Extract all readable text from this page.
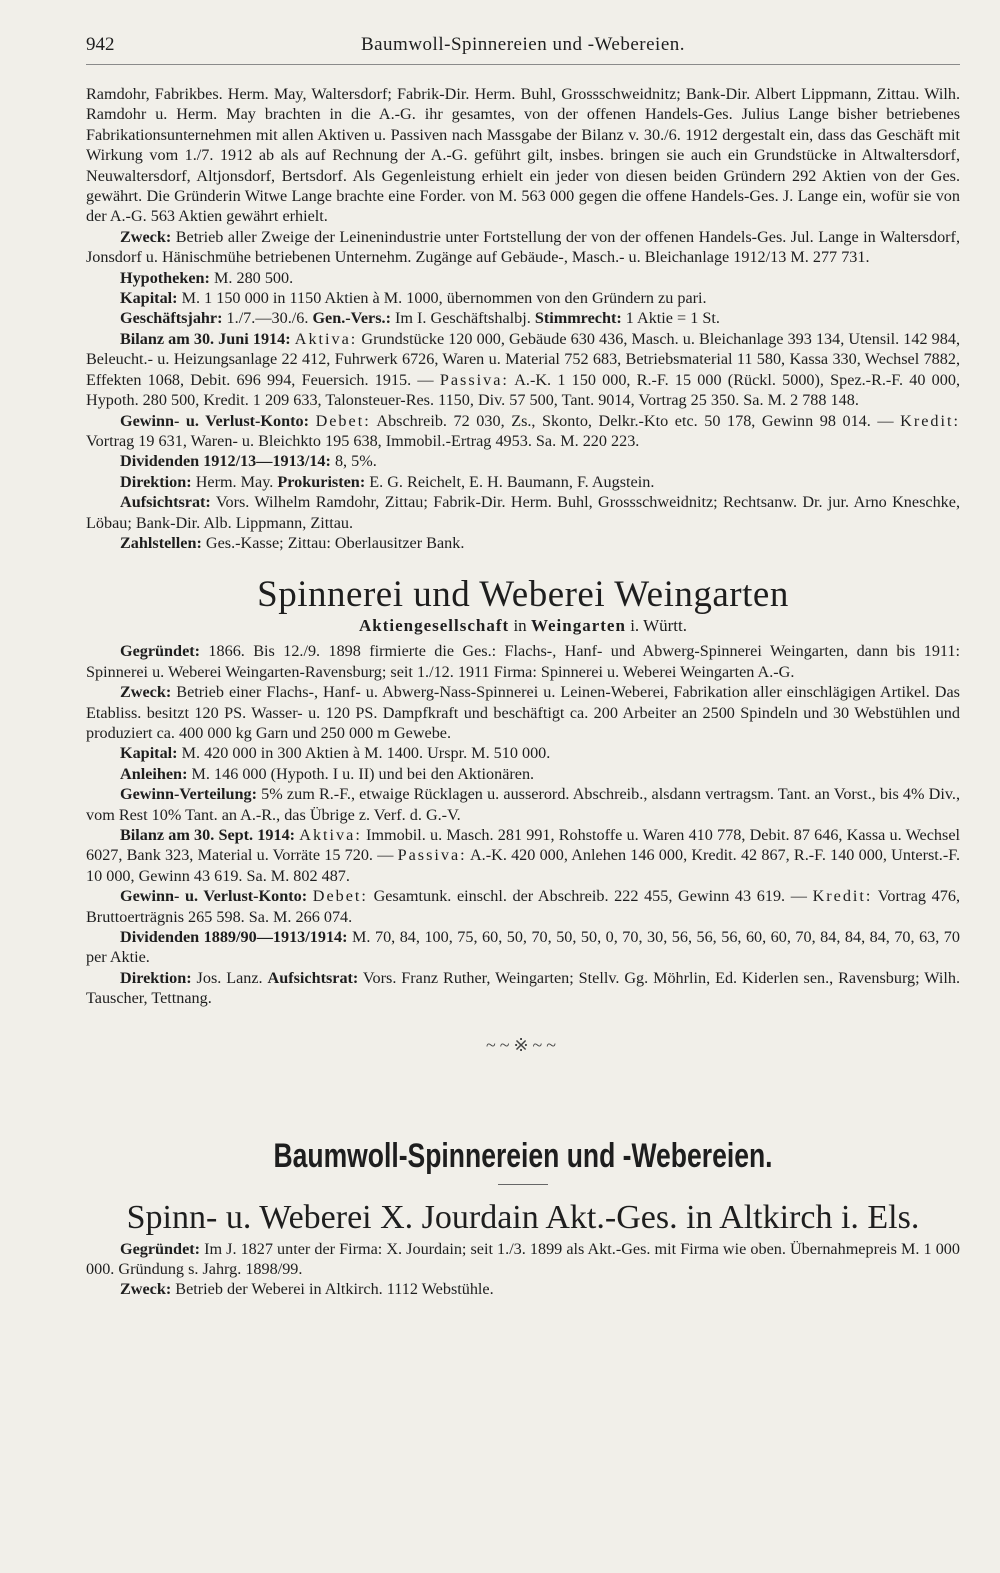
942	Baumwoll-Spinnereien und -Webereien.

Ramdohr, Fabrikbes. Herm. May, Waltersdorf; Fabrik-Dir. Herm. Buhl, Grossschweidnitz; Bank-Dir. Albert Lippmann, Zittau. Wilh. Ramdohr u. Herm. May brachten in die A.-G. ihr gesamtes, von der offenen Handels-Ges. Julius Lange bisher betriebenes Fabrikationsunternehmen mit allen Aktiven u. Passiven nach Massgabe der Bilanz v. 30./6. 1912 dergestalt ein, dass das Geschäft mit Wirkung vom 1./7. 1912 ab als auf Rechnung der A.-G. geführt gilt, insbes. bringen sie auch ein Grundstücke in Altwaltersdorf, Neuwaltersdorf, Altjonsdorf, Bertsdorf. Als Gegenleistung erhielt ein jeder von diesen beiden Gründern 292 Aktien von der Ges. gewährt. Die Gründerin Witwe Lange brachte eine Forder. von M. 563 000 gegen die offene Handels-Ges. J. Lange ein, wofür sie von der A.-G. 563 Aktien gewährt erhielt.

Zweck: Betrieb aller Zweige der Leinenindustrie unter Fortstellung der von der offenen Handels-Ges. Jul. Lange in Waltersdorf, Jonsdorf u. Hänischmühe betriebenen Unternehm. Zugänge auf Gebäude-, Masch.- u. Bleichanlage 1912/13 M. 277 731.

Hypotheken: M. 280 500.

Kapital: M. 1 150 000 in 1150 Aktien à M. 1000, übernommen von den Gründern zu pari.

Geschäftsjahr: 1./7.—30./6. Gen.-Vers.: Im I. Geschäftshalbj. Stimmrecht: 1 Aktie = 1 St.

Bilanz am 30. Juni 1914: Aktiva: Grundstücke 120 000, Gebäude 630 436, Masch. u. Bleichanlage 393 134, Utensil. 142 984, Beleucht.- u. Heizungsanlage 22 412, Fuhrwerk 6726, Waren u. Material 752 683, Betriebsmaterial 11 580, Kassa 330, Wechsel 7882, Effekten 1068, Debit. 696 994, Feuersich. 1915. — Passiva: A.-K. 1 150 000, R.-F. 15 000 (Rückl. 5000), Spez.-R.-F. 40 000, Hypoth. 280 500, Kredit. 1 209 633, Talonsteuer-Res. 1150, Div. 57 500, Tant. 9014, Vortrag 25 350. Sa. M. 2 788 148.

Gewinn- u. Verlust-Konto: Debet: Abschreib. 72 030, Zs., Skonto, Delkr.-Kto etc. 50 178, Gewinn 98 014. — Kredit: Vortrag 19 631, Waren- u. Bleichkto 195 638, Immobil.-Ertrag 4953. Sa. M. 220 223.

Dividenden 1912/13—1913/14: 8, 5%.

Direktion: Herm. May. Prokuristen: E. G. Reichelt, E. H. Baumann, F. Augstein.

Aufsichtsrat: Vors. Wilhelm Ramdohr, Zittau; Fabrik-Dir. Herm. Buhl, Grossschweidnitz; Rechtsanw. Dr. jur. Arno Kneschke, Löbau; Bank-Dir. Alb. Lippmann, Zittau.

Zahlstellen: Ges.-Kasse; Zittau: Oberlausitzer Bank.

Spinnerei und Weberei Weingarten
Aktiengesellschaft in Weingarten i. Württ.

Gegründet: 1866. Bis 12./9. 1898 firmierte die Ges.: Flachs-, Hanf- und Abwerg-Spinnerei Weingarten, dann bis 1911: Spinnerei u. Weberei Weingarten-Ravensburg; seit 1./12. 1911 Firma: Spinnerei u. Weberei Weingarten A.-G.

Zweck: Betrieb einer Flachs-, Hanf- u. Abwerg-Nass-Spinnerei u. Leinen-Weberei, Fabrikation aller einschlägigen Artikel. Das Etabliss. besitzt 120 PS. Wasser- u. 120 PS. Dampfkraft und beschäftigt ca. 200 Arbeiter an 2500 Spindeln und 30 Webstühlen und produziert ca. 400 000 kg Garn und 250 000 m Gewebe.

Kapital: M. 420 000 in 300 Aktien à M. 1400. Urspr. M. 510 000.

Anleihen: M. 146 000 (Hypoth. I u. II) und bei den Aktionären.

Gewinn-Verteilung: 5% zum R.-F., etwaige Rücklagen u. ausserord. Abschreib., alsdann vertragsm. Tant. an Vorst., bis 4% Div., vom Rest 10% Tant. an A.-R., das Übrige z. Verf. d. G.-V.

Bilanz am 30. Sept. 1914: Aktiva: Immobil. u. Masch. 281 991, Rohstoffe u. Waren 410 778, Debit. 87 646, Kassa u. Wechsel 6027, Bank 323, Material u. Vorräte 15 720. — Passiva: A.-K. 420 000, Anlehen 146 000, Kredit. 42 867, R.-F. 140 000, Unterst.-F. 10 000, Gewinn 43 619. Sa. M. 802 487.

Gewinn- u. Verlust-Konto: Debet: Gesamtunk. einschl. der Abschreib. 222 455, Gewinn 43 619. — Kredit: Vortrag 476, Bruttoerträgnis 265 598. Sa. M. 266 074.

Dividenden 1889/90—1913/1914: M. 70, 84, 100, 75, 60, 50, 70, 50, 50, 0, 70, 30, 56, 56, 56, 60, 60, 70, 84, 84, 84, 70, 63, 70 per Aktie.

Direktion: Jos. Lanz. Aufsichtsrat: Vors. Franz Ruther, Weingarten; Stellv. Gg. Möhrlin, Ed. Kiderlen sen., Ravensburg; Wilh. Tauscher, Tettnang.

~~※~~
Baumwoll-Spinnereien und -Webereien.
Spinn- u. Weberei X. Jourdain Akt.-Ges. in Altkirch i. Els.

Gegründet: Im J. 1827 unter der Firma: X. Jourdain; seit 1./3. 1899 als Akt.-Ges. mit Firma wie oben. Übernahmepreis M. 1 000 000. Gründung s. Jahrg. 1898/99.

Zweck: Betrieb der Weberei in Altkirch. 1112 Webstühle.
